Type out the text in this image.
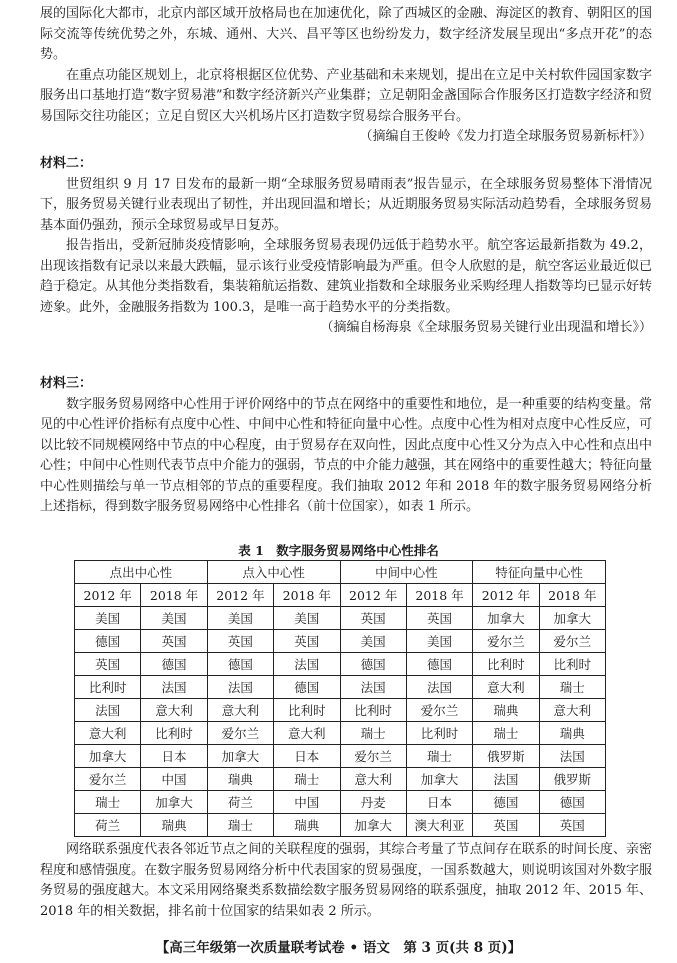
展的国际化大都市，北京内部区域开放格局也在加速优化，除了西城区的金融、海淀区的教育、朝阳区的国际交流等传统优势之外，东城、通州、大兴、昌平等区也纷纷发力，数字经济发展呈现出“多点开花”的态势。

在重点功能区规划上，北京将根据区位优势、产业基础和未来规划，提出在立足中关村软件园国家数字服务出口基地打造“数字贸易港”和数字经济新兴产业集群；立足朝阳金盏国际合作服务区打造数字经济和贸易国际交往功能区；立足自贸区大兴机场片区打造数字贸易综合服务平台。

（摘编自王俊岭《发力打造全球服务贸易新标杆》）

材料二：

世贸组织 9 月 17 日发布的最新一期“全球服务贸易晴雨表”报告显示，在全球服务贸易整体下滑情况下，服务贸易关键行业表现出了韧性，并出现回温和增长；从近期服务贸易实际活动趋势看，全球服务贸易基本面仍强劲，预示全球贸易或早日复苏。

报告指出，受新冠肺炎疫情影响，全球服务贸易表现仍远低于趋势水平。航空客运最新指数为 49.2，出现该指数有记录以来最大跌幅，显示该行业受疫情影响最为严重。但令人欣慰的是，航空客运业最近似已趋于稳定。从其他分类指数看，集装箱航运指数、建筑业指数和全球服务业采购经理人指数等均已显示好转迹象。此外，金融服务指数为 100.3，是唯一高于趋势水平的分类指数。

（摘编自杨海泉《全球服务贸易关键行业出现温和增长》）

材料三：

数字服务贸易网络中心性用于评价网络中的节点在网络中的重要性和地位，是一种重要的结构变量。常见的中心性评价指标有点度中心性、中间中心性和特征向量中心性。点度中心性为相对点度中心性反应，可以比较不同规模网络中节点的中心程度，由于贸易存在双向性，因此点度中心性又分为点入中心性和点出中心性；中间中心性则代表节点中介能力的强弱，节点的中介能力越强，其在网络中的重要性越大；特征向量中心性则描绘与单一节点相邻的节点的重要程度。我们抽取 2012 年和 2018 年的数字服务贸易网络分析上述指标，得到数字服务贸易网络中心性排名（前十位国家），如表 1 所示。

表 1　数字服务贸易网络中心性排名
点出中心性		点入中心性		中间中心性		特征向量中心性	
2012 年	2018 年	2012 年	2018 年	2012 年	2018 年	2012 年	2018 年
美国	美国	美国	美国	英国	英国	加拿大	加拿大
德国	英国	英国	英国	美国	美国	爱尔兰	爱尔兰
英国	德国	德国	法国	德国	德国	比利时	比利时
比利时	法国	法国	德国	法国	法国	意大利	瑞士
法国	意大利	意大利	比利时	比利时	爱尔兰	瑞典	意大利
意大利	比利时	爱尔兰	意大利	瑞士	比利时	瑞士	瑞典
加拿大	日本	加拿大	日本	爱尔兰	瑞士	俄罗斯	法国
爱尔兰	中国	瑞典	瑞士	意大利	加拿大	法国	俄罗斯
瑞士	加拿大	荷兰	中国	丹麦	日本	德国	德国
荷兰	瑞典	瑞士	瑞典	加拿大	澳大利亚	英国	英国

网络联系强度代表各邻近节点之间的关联程度的强弱，其综合考量了节点间存在联系的时间长度、亲密程度和感情强度。在数字服务贸易网络分析中代表国家的贸易强度，一国系数越大，则说明该国对外数字服务贸易的强度越大。本文采用网络聚类系数描绘数字服务贸易网络的联系强度，抽取 2012 年、2015 年、2018 年的相关数据，排名前十位国家的结果如表 2 所示。

【高三年级第一次质量联考试卷 • 语文　第 3 页(共 8 页)】
